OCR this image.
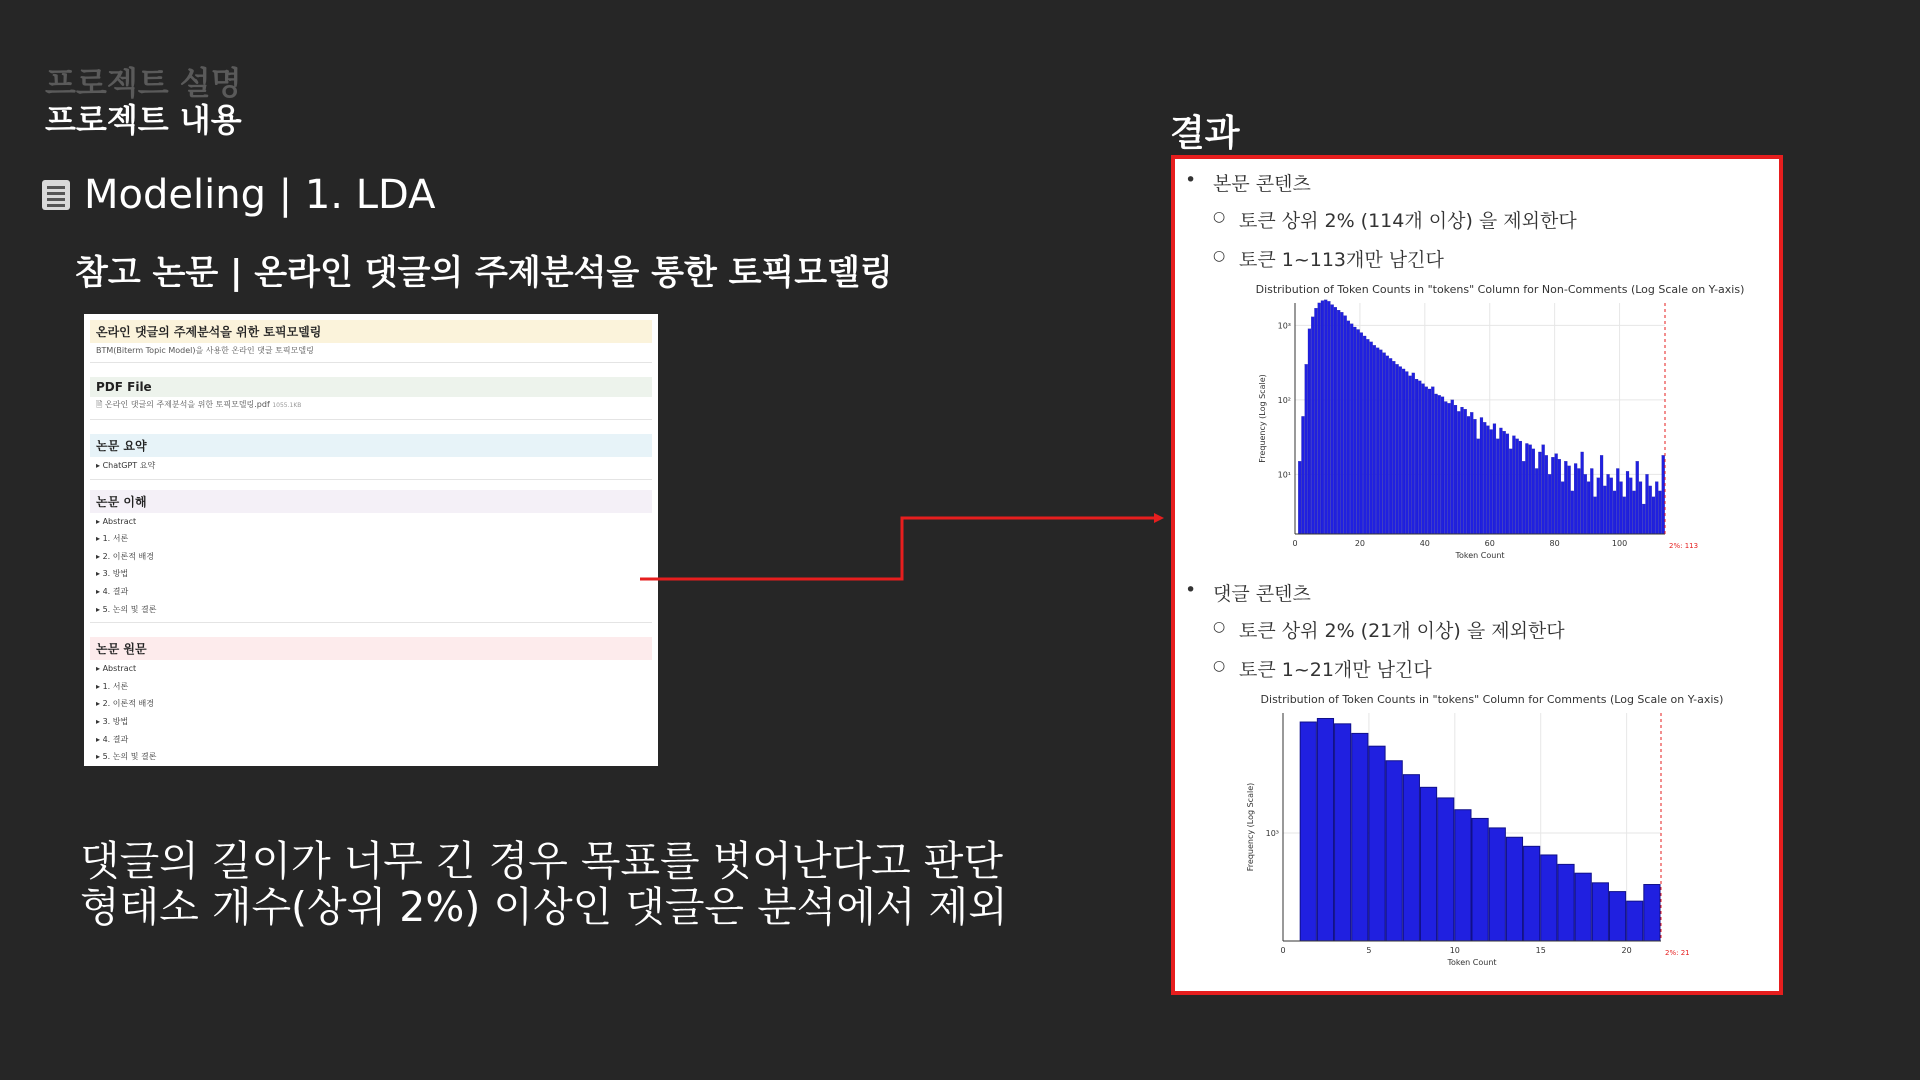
프로젝트 설명
프로젝트 내용
Modeling | 1. LDA
참고 논문 | 온라인 댓글의 주제분석을 통한 토픽모델링
온라인 댓글의 주제분석을 위한 토픽모델링
BTM(Biterm Topic Model)을 사용한 온라인 댓글 토픽모델링
PDF File
🗎 온라인 댓글의 주제분석을 위한 토픽모델링.pdf 1055.1KB
논문 요약
▸ ChatGPT 요약
논문 이해
▸ Abstract
▸ 1. 서론
▸ 2. 이론적 배경
▸ 3. 방법
▸ 4. 결과
▸ 5. 논의 및 결론
논문 원문
▸ Abstract
▸ 1. 서론
▸ 2. 이론적 배경
▸ 3. 방법
▸ 4. 결과
▸ 5. 논의 및 결론
댓글의 길이가 너무 긴 경우 목표를 벗어난다고 판단
형태소 개수(상위 2%) 이상인 댓글은 분석에서 제외
결과
• 본문 콘텐츠
○ 토큰 상위 2% (114개 이상) 을 제외한다
○ 토큰 1~113개만 남긴다
Distribution of Token Counts in "tokens" Column for Non-Comments (Log Scale on Y-axis)
10³
10²
10¹
0	20	40	60	80	100	2%: 113
Token Count
Frequency (Log Scale)
• 댓글 콘텐츠
○ 토큰 상위 2% (21개 이상) 을 제외한다
○ 토큰 1~21개만 남긴다
Distribution of Token Counts in "tokens" Column for Comments (Log Scale on Y-axis)
10³
0	5	10	15	20	2%: 21
Token Count
Frequency (Log Scale)
